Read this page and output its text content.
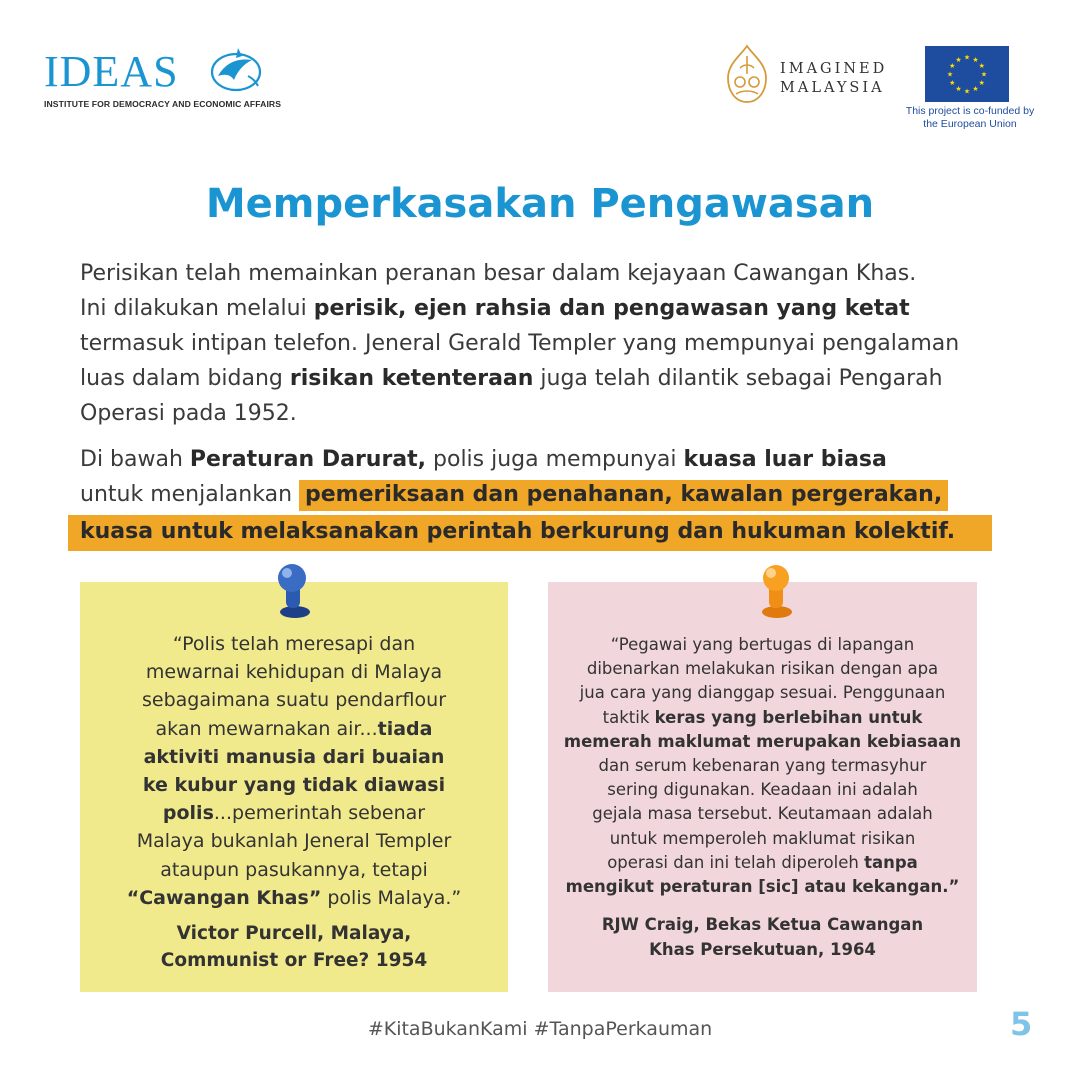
IDEAS
INSTITUTE FOR DEMOCRACY AND ECONOMIC AFFAIRS
IMAGINED
MALAYSIA
★ ★
★
★
★
★
★
★
★
★
★
★
This project is co-funded by
the European Union
Memperkasakan Pengawasan
Perisikan telah memainkan peranan besar dalam kejayaan Cawangan Khas.
Ini dilakukan melalui perisik, ejen rahsia dan pengawasan yang ketat
termasuk intipan telefon. Jeneral Gerald Templer yang mempunyai pengalaman
luas dalam bidang risikan ketenteraan juga telah dilantik sebagai Pengarah
Operasi pada 1952.
Di bawah Peraturan Darurat, polis juga mempunyai kuasa luar biasa
untuk menjalankan pemeriksaan dan penahanan, kawalan pergerakan,
kuasa untuk melaksanakan perintah berkurung dan hukuman kolektif.
“Polis telah meresapi dan
mewarnai kehidupan di Malaya
sebagaimana suatu pendarflour
akan mewarnakan air...tiada
aktiviti manusia dari buaian
ke kubur yang tidak diawasi
polis...pemerintah sebenar
Malaya bukanlah Jeneral Templer
ataupun pasukannya, tetapi
“Cawangan Khas” polis Malaya.”
Victor Purcell, Malaya,
Communist or Free? 1954
“Pegawai yang bertugas di lapangan
dibenarkan melakukan risikan dengan apa
jua cara yang dianggap sesuai. Penggunaan
taktik keras yang berlebihan untuk
memerah maklumat merupakan kebiasaan
dan serum kebenaran yang termasyhur
sering digunakan. Keadaan ini adalah
gejala masa tersebut. Keutamaan adalah
untuk memperoleh maklumat risikan
operasi dan ini telah diperoleh tanpa
mengikut peraturan [sic] atau kekangan.”
RJW Craig, Bekas Ketua Cawangan
Khas Persekutuan, 1964
#KitaBukanKami #TanpaPerkauman	5
